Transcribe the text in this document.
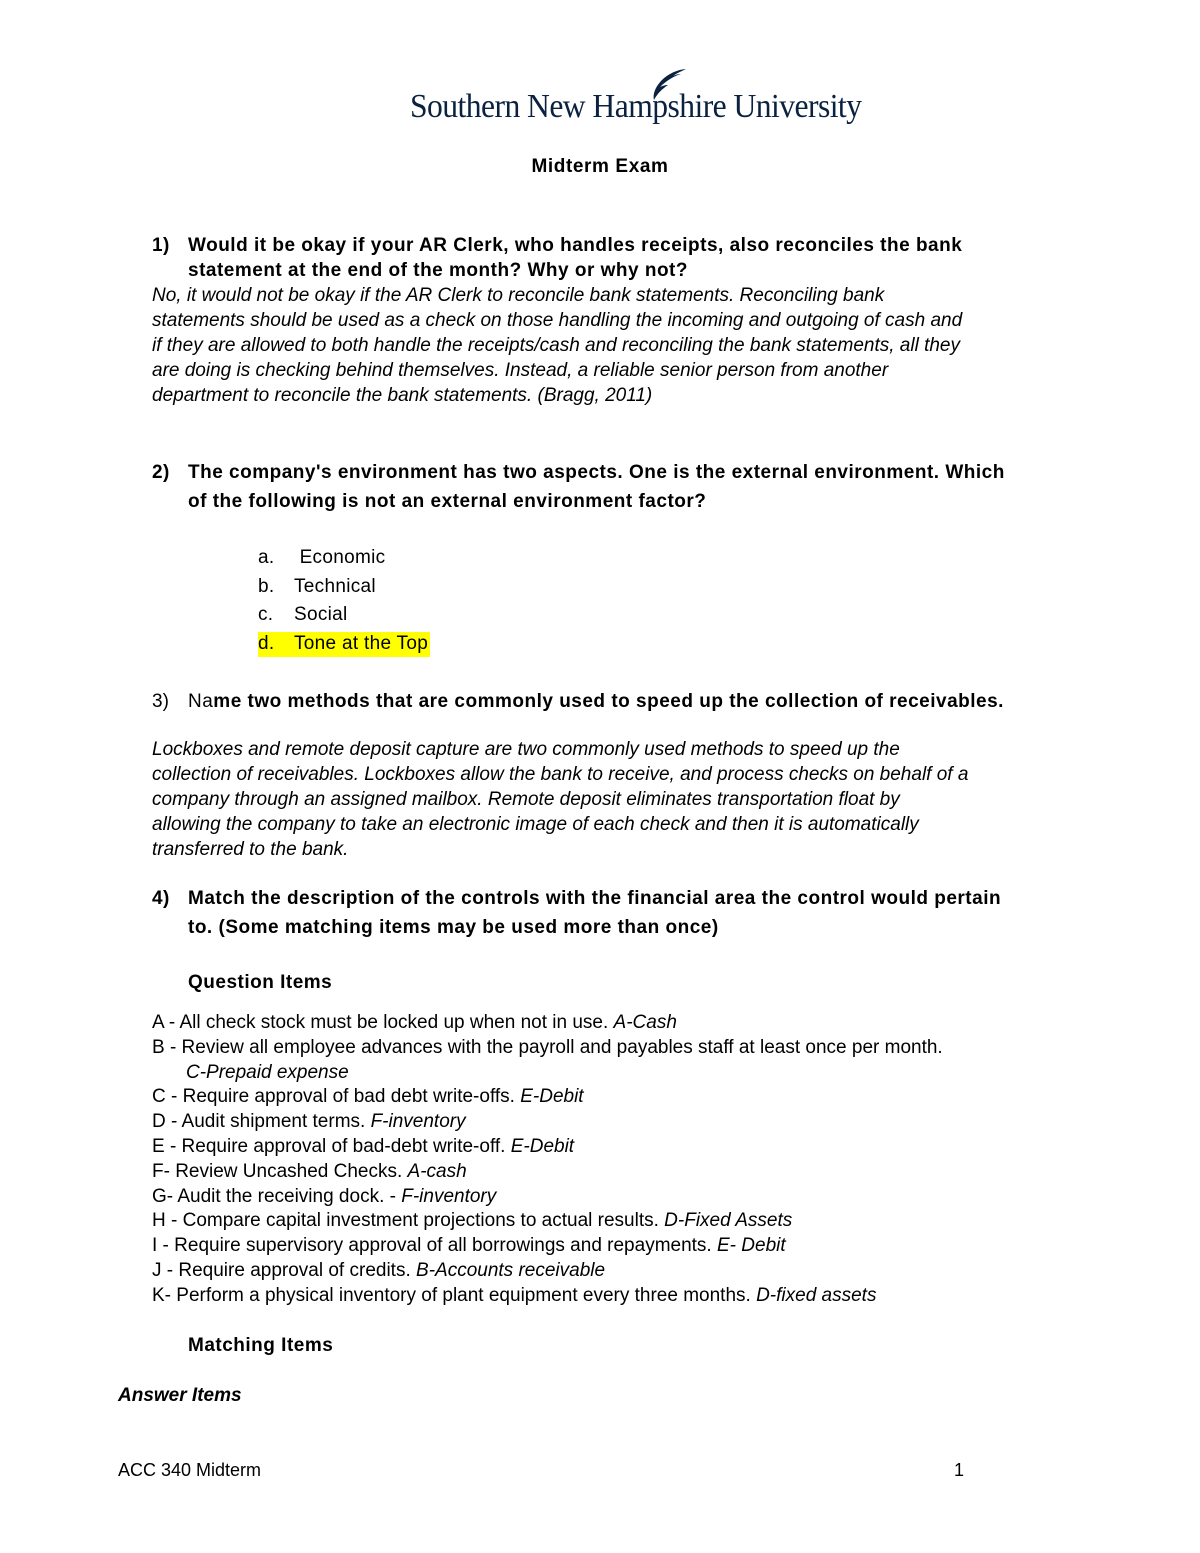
Southern New Hampshire University
Midterm Exam
1) Would it be okay if your AR Clerk, who handles receipts, also reconciles the bank
statement at the end of the month? Why or why not?
No, it would not be okay if the AR Clerk to reconcile bank statements. Reconciling bank
statements should be used as a check on those handling the incoming and outgoing of cash and
if they are allowed to both handle the receipts/cash and reconciling the bank statements, all they
are doing is checking behind themselves. Instead, a reliable senior person from another
department to reconcile the bank statements. (Bragg, 2011)
2) The company's environment has two aspects. One is the external environment. Which
of the following is not an external environment factor?
a. Economic
b. Technical
c. Social
d. Tone at the Top
3) Name two methods that are commonly used to speed up the collection of receivables.
Lockboxes and remote deposit capture are two commonly used methods to speed up the
collection of receivables. Lockboxes allow the bank to receive, and process checks on behalf of a
company through an assigned mailbox. Remote deposit eliminates transportation float by
allowing the company to take an electronic image of each check and then it is automatically
transferred to the bank.
4) Match the description of the controls with the financial area the control would pertain
to. (Some matching items may be used more than once)
Question Items
A - All check stock must be locked up when not in use. A-Cash
B - Review all employee advances with the payroll and payables staff at least once per month.
C-Prepaid expense
C - Require approval of bad debt write-offs. E-Debit
D - Audit shipment terms. F-inventory
E - Require approval of bad-debt write-off. E-Debit
F- Review Uncashed Checks. A-cash
G- Audit the receiving dock. - F-inventory
H - Compare capital investment projections to actual results. D-Fixed Assets
I - Require supervisory approval of all borrowings and repayments. E- Debit
J - Require approval of credits. B-Accounts receivable
K- Perform a physical inventory of plant equipment every three months. D-fixed assets
Matching Items
Answer Items
ACC 340 Midterm	1
